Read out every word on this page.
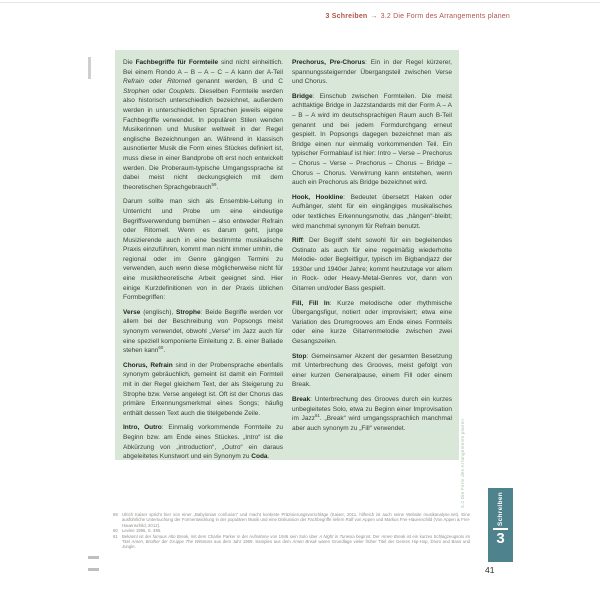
3 Schreiben → 3.2 Die Form des Arrangements planen

Die Fachbegriffe für Formteile sind nicht einheitlich. Bei einem Rondo A – B – A – C – A kann der A-Teil Refrain oder Ritornell genannt werden, B und C Strophen oder Couplets. Dieselben Formteile werden also historisch unterschiedlich bezeichnet, außerdem werden in unterschiedlichen Sprachen jeweils eigene Fachbegriffe verwendet. In populären Stilen wenden Musikerinnen und Musiker weltweit in der Regel englische Bezeichnungen an. Während in klassisch ausnotierter Musik die Form eines Stückes definiert ist, muss diese in einer Bandprobe oft erst noch entwickelt werden. Die Proberaum-typische Umgangssprache ist dabei meist nicht deckungsgleich mit dem theoretischen Sprachgebrauch$^{59}$.

Darum sollte man sich als Ensemble-Leitung in Unterricht und Probe um eine eindeutige Begriffsverwendung bemühen – also entweder Refrain oder Ritornell. Wenn es darum geht, junge Musizierende auch in eine bestimmte musikalische Praxis einzuführen, kommt man nicht immer umhin, die regional oder im Genre gängigen Termini zu verwenden, auch wenn diese möglicherweise nicht für eine musiktheoretische Arbeit geeignet sind. Hier einige Kurzdefinitionen von in der Praxis üblichen Formbegriffen:

Verse (englisch), Strophe: Beide Begriffe werden vor allem bei der Beschreibung von Popsongs meist synonym verwendet, obwohl „Verse“ im Jazz auch für eine speziell komponierte Einleitung z. B. einer Ballade stehen kann$^{60}$.

Chorus, Refrain sind in der Probensprache ebenfalls synonym gebräuchlich, gemeint ist damit ein Formteil mit in der Regel gleichem Text, der als Steigerung zu Strophe bzw. Verse angelegt ist. Oft ist der Chorus das primäre Erkennungsmerkmal eines Songs; häufig enthält dessen Text auch die titelgebende Zeile.

Intro, Outro: Einmalig vorkommende Formteile zu Beginn bzw. am Ende eines Stückes. „Intro“ ist die Abkürzung von „introduction“, „Outro“ ein daraus abgeleitetes Kunstwort und ein Synonym zu Coda.

Prechorus, Pre-Chorus: Ein in der Regel kürzerer, spannungssteigernder Übergangsteil zwischen Verse und Chorus.

Bridge: Einschub zwischen Formteilen. Die meist achttaktige Bridge in Jazzstandards mit der Form A – A – B – A wird im deutschsprachigen Raum auch B-Teil genannt und bei jedem Formdurchgang erneut gespielt. In Popsongs dagegen bezeichnet man als Bridge einen nur einmalig vorkommenden Teil. Ein typischer Formablauf ist hier: Intro – Verse – Prechorus – Chorus – Verse – Prechorus – Chorus – Bridge – Chorus – Chorus. Verwirrung kann entstehen, wenn auch ein Prechorus als Bridge bezeichnet wird.

Hook, Hookline: Bedeutet übersetzt Haken oder Aufhänger, steht für ein eingängiges musikalisches oder textliches Erkennungsmotiv, das „hängen“-bleibt; wird manchmal synonym für Refrain benutzt.

Riff: Der Begriff steht sowohl für ein begleitendes Ostinato als auch für eine regelmäßig wiederholte Melodie- oder Begleitfigur, typisch im Bigbandjazz der 1930er und 1940er Jahre; kommt heutzutage vor allem in Rock- oder Heavy-Metal-Genres vor, dann von Gitarren und/oder Bass gespielt.

Fill, Fill In: Kurze melodische oder rhythmische Übergangsfigur, notiert oder improvisiert; etwa eine Variation des Drumgrooves am Ende eines Formteils oder eine kurze Gitarrenmelodie zwischen zwei Gesangszeilen.

Stop: Gemeinsamer Akzent der gesamten Besetzung mit Unterbrechung des Grooves, meist gefolgt von einer kurzen Generalpause, einem Fill oder einem Break.

Break: Unterbrechung des Grooves durch ein kurzes unbegleitetes Solo, etwa zu Beginn einer Improvisation im Jazz$^{61}$. „Break“ wird umgangssprachlich manchmal aber auch synonym zu „Fill“ verwendet.	3.2 Die Form des Arrangements planen
59 Ulrich Kaiser spricht hier von einer „Babylonian confusion“ und macht konkrete Präzisierungsvorschläge (Kaiser, 2011, hilfreich ist auch seine Website musikanalyse.net). Eine ausführliche Untersuchung der Formentwicklung in der populären Musik und eine Diskussion der Fachbegriffe liefern Ralf von Appen und Markus Frei-Hauenschild (Von Appen & Frei-Hauenschild, 2012).
60 Levine 1996, S. 395.
61 Bekannt ist der famous Alto Break, mit dem Charlie Parker in der Aufnahme von 1946 sein Solo über A Night in Tunesia beginnt. Der Amen Break ist ein kurzes Schlagzeugsolo im Titel Amen, Brother der Gruppe The Winstons aus dem Jahr 1969. Samples aus dem Amen Break waren Grundlage vieler früher Titel der Genres Hip-Hop, Drum and Bass und Jungle.
Schreiben
3
41
